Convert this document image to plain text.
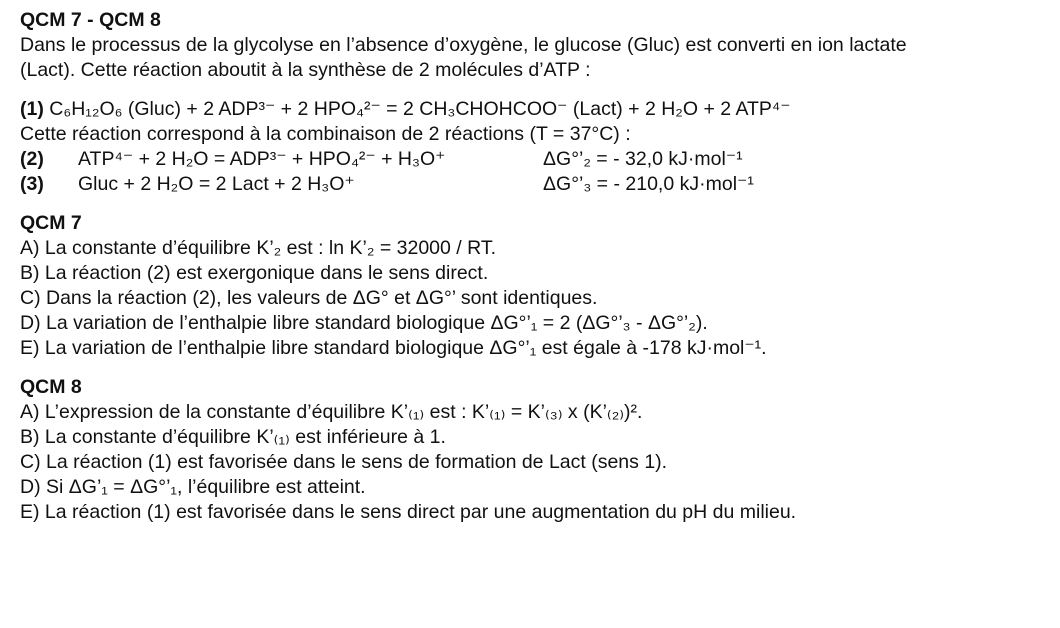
QCM 7 - QCM 8
Dans le processus de la glycolyse en l’absence d’oxygène, le glucose (Gluc) est converti en ion lactate
(Lact). Cette réaction aboutit à la synthèse de 2 molécules d’ATP :
(1) C₆H₁₂O₆ (Gluc) + 2 ADP³⁻ + 2 HPO₄²⁻ = 2 CH₃CHOHCOO⁻ (Lact) + 2 H₂O + 2 ATP⁴⁻
Cette réaction correspond à la combinaison de 2 réactions (T = 37°C) :
(2) ATP⁴⁻ + 2 H₂O = ADP³⁻ + HPO₄²⁻ + H₃O⁺	ΔG°’₂ = - 32,0 kJ·mol⁻¹
(3) Gluc + 2 H₂O = 2 Lact + 2 H₃O⁺	ΔG°’₃ = - 210,0 kJ·mol⁻¹
QCM 7
A) La constante d’équilibre K’₂ est : ln K’₂ = 32000 / RT.
B) La réaction (2) est exergonique dans le sens direct.
C) Dans la réaction (2), les valeurs de ΔG° et ΔG°’ sont identiques.
D) La variation de l’enthalpie libre standard biologique ΔG°’₁ = 2 (ΔG°’₃ - ΔG°’₂).
E) La variation de l’enthalpie libre standard biologique ΔG°’₁ est égale à -178 kJ·mol⁻¹.
QCM 8
A) L’expression de la constante d’équilibre K’₍₁₎ est : K’₍₁₎ = K’₍₃₎ x (K’₍₂₎)².
B) La constante d’équilibre K’₍₁₎ est inférieure à 1.
C) La réaction (1) est favorisée dans le sens de formation de Lact (sens 1).
D) Si ΔG’₁ = ΔG°’₁, l’équilibre est atteint.
E) La réaction (1) est favorisée dans le sens direct par une augmentation du pH du milieu.
